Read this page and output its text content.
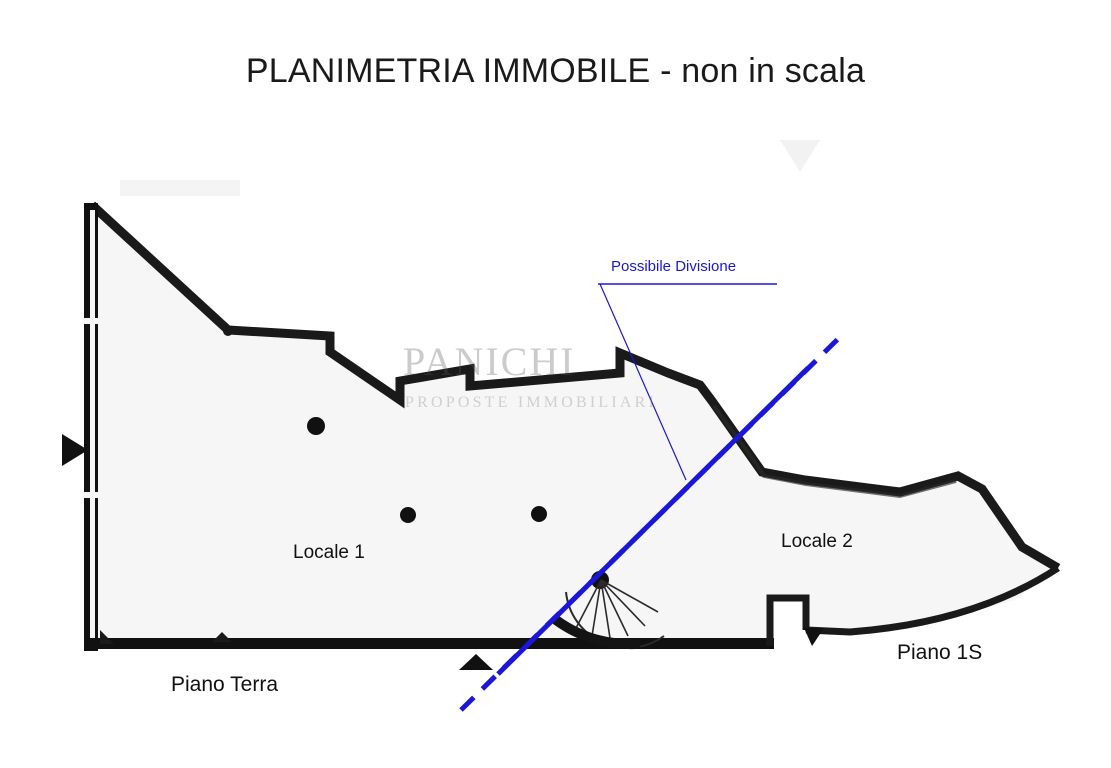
PLANIMETRIA IMMOBILE - non in scala
PANICHI
PROPOSTE IMMOBILIARI
Possibile Divisione
Locale 1
Locale 2
Piano Terra
Piano 1S
